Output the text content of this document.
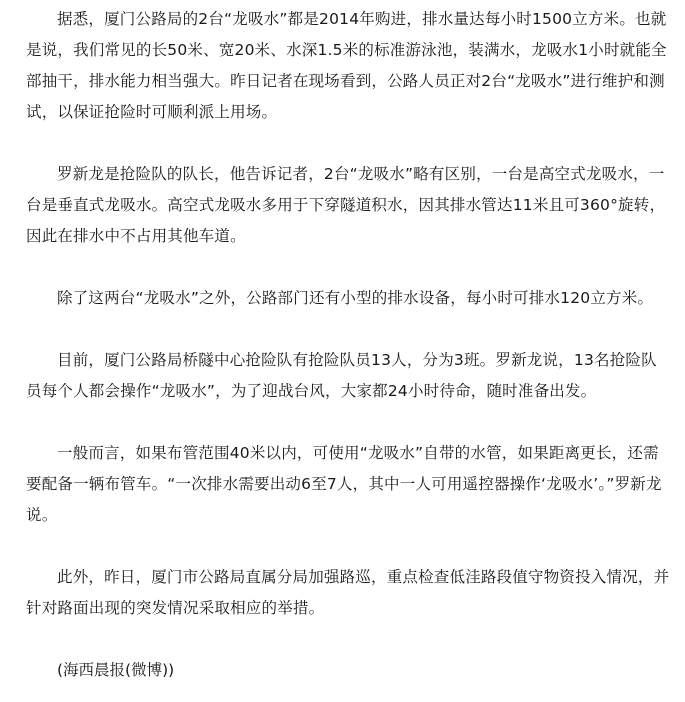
据悉，厦门公路局的2台“龙吸水”都是2014年购进，排水量达每小时1500立方米。也就是说，我们常见的长50米、宽20米、水深1.5米的标准游泳池，装满水，龙吸水1小时就能全部抽干，排水能力相当强大。昨日记者在现场看到，公路人员正对2台“龙吸水”进行维护和测试，以保证抢险时可顺利派上用场。

罗新龙是抢险队的队长，他告诉记者，2台“龙吸水”略有区别，一台是高空式龙吸水，一台是垂直式龙吸水。高空式龙吸水多用于下穿隧道积水，因其排水管达11米且可360°旋转，因此在排水中不占用其他车道。

除了这两台“龙吸水”之外，公路部门还有小型的排水设备，每小时可排水120立方米。

目前，厦门公路局桥隧中心抢险队有抢险队员13人，分为3班。罗新龙说，13名抢险队员每个人都会操作“龙吸水”，为了迎战台风，大家都24小时待命，随时准备出发。

一般而言，如果布管范围40米以内，可使用“龙吸水”自带的水管，如果距离更长，还需要配备一辆布管车。“一次排水需要出动6至7人，其中一人可用遥控器操作‘龙吸水’。”罗新龙说。

此外，昨日，厦门市公路局直属分局加强路巡，重点检查低洼路段值守物资投入情况，并针对路面出现的突发情况采取相应的举措。

(海西晨报(微博))
